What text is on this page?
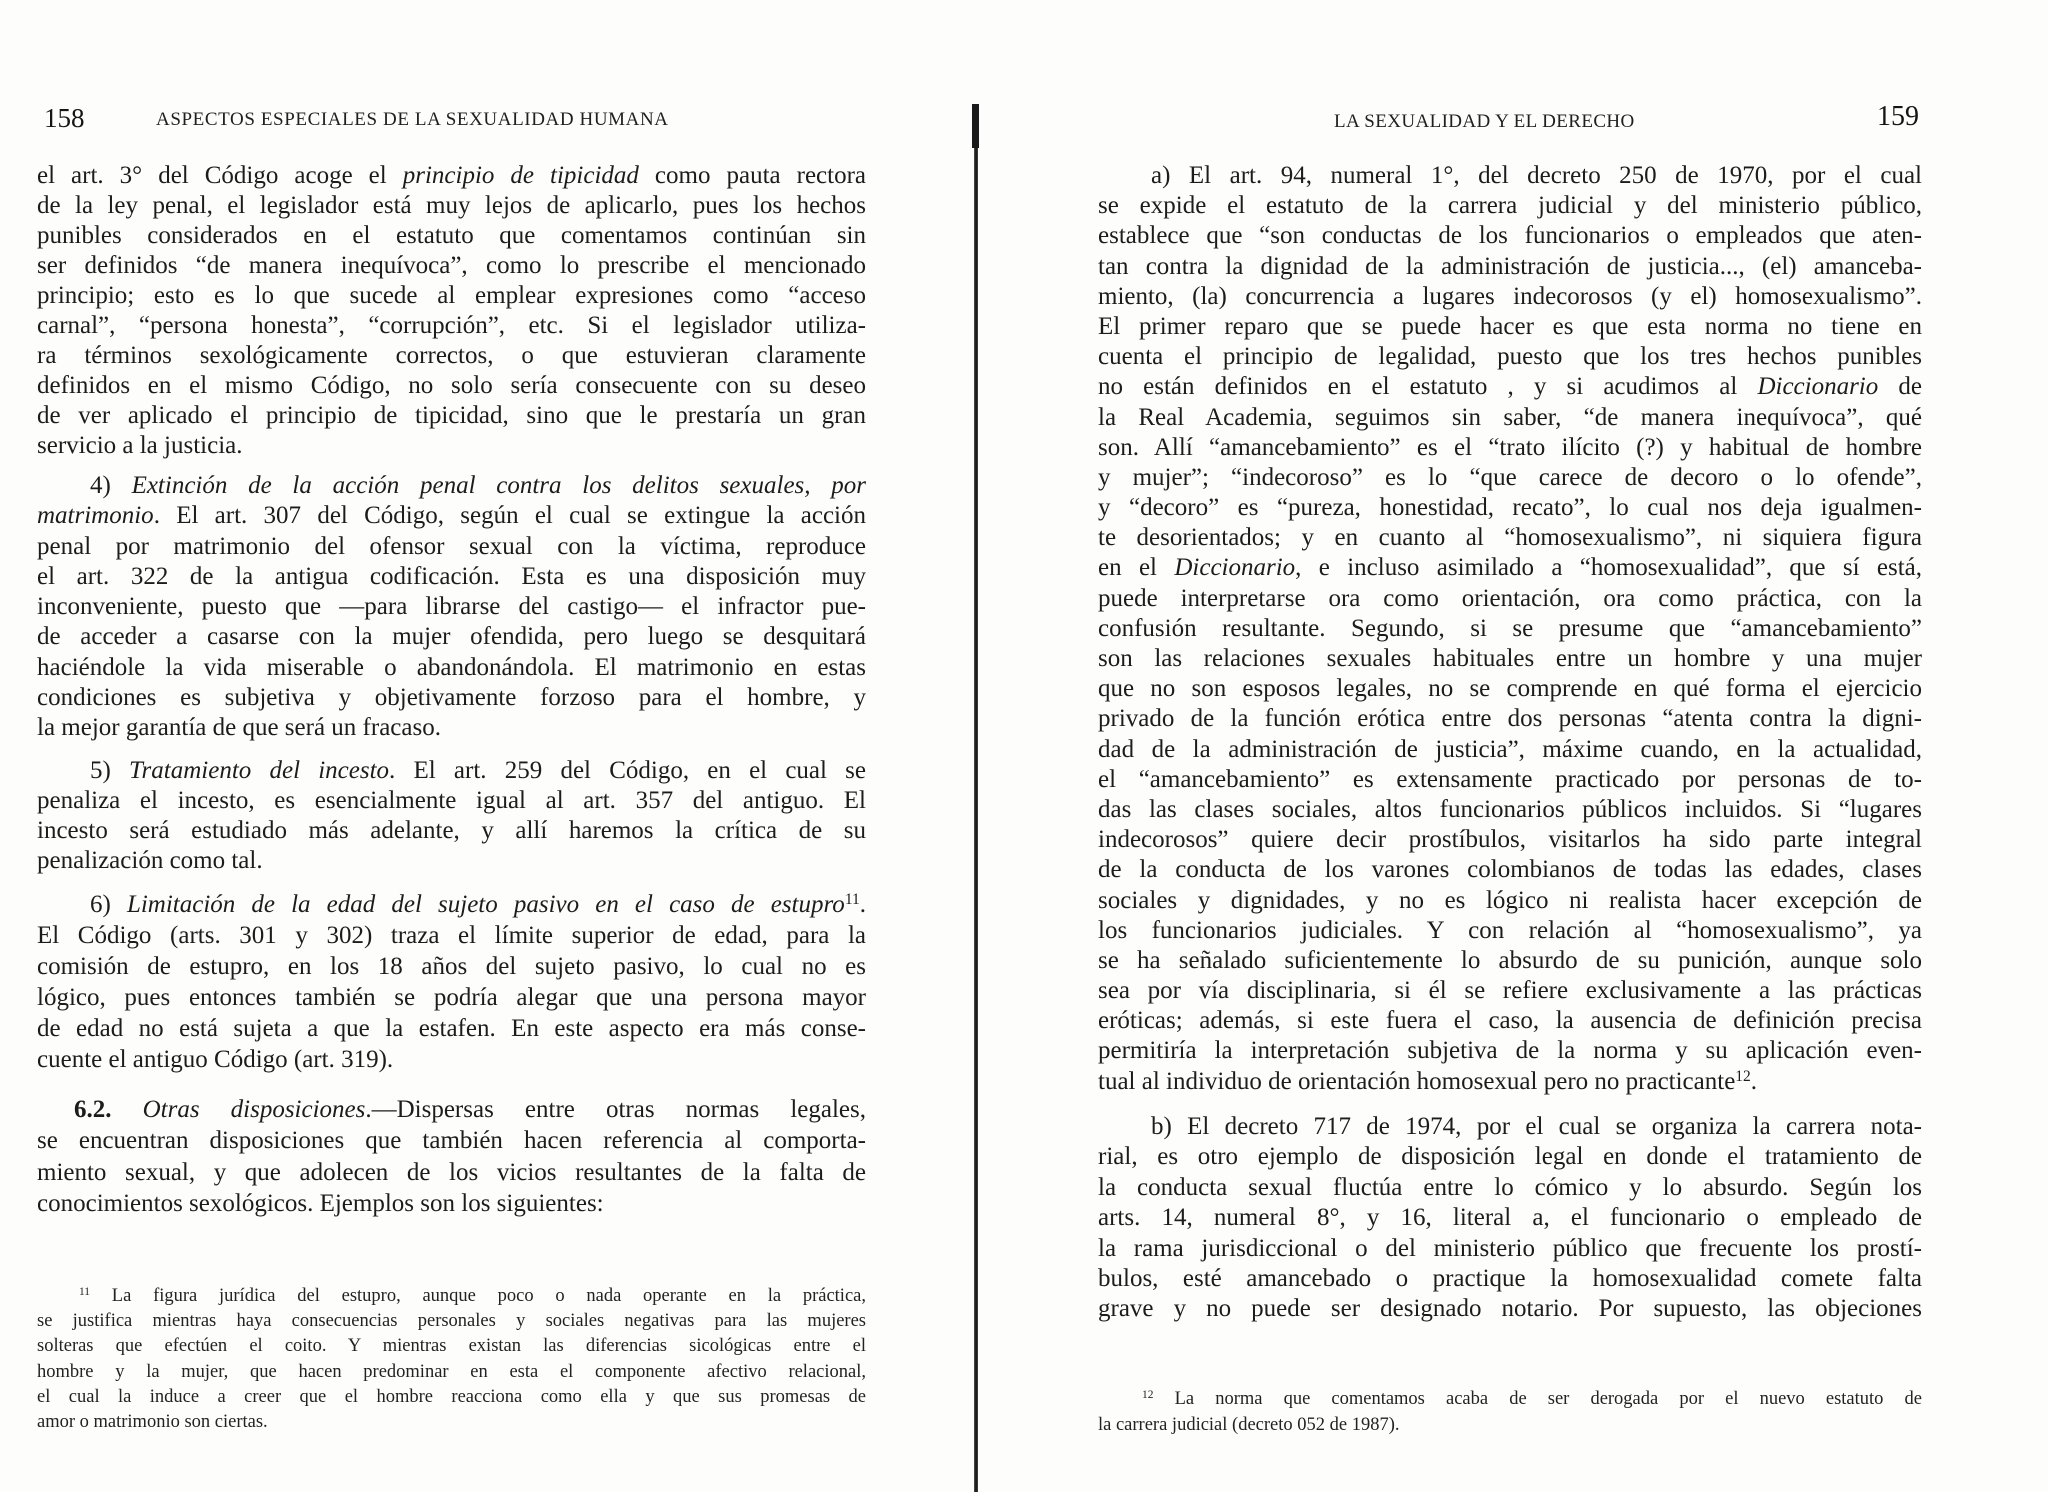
158	ASPECTOS ESPECIALES DE LA SEXUALIDAD HUMANA
el art. 3° del Código acoge el principio de tipicidad como pauta rectora
de la ley penal, el legislador está muy lejos de aplicarlo, pues los hechos
punibles considerados en el estatuto que comentamos continúan sin
ser definidos “de manera inequívoca”, como lo prescribe el mencionado
principio; esto es lo que sucede al emplear expresiones como “acceso
carnal”, “persona honesta”, “corrupción”, etc. Si el legislador utiliza-
ra términos sexológicamente correctos, o que estuvieran claramente
definidos en el mismo Código, no solo sería consecuente con su deseo
de ver aplicado el principio de tipicidad, sino que le prestaría un gran
servicio a la justicia.
4) Extinción de la acción penal contra los delitos sexuales, por
matrimonio. El art. 307 del Código, según el cual se extingue la acción
penal por matrimonio del ofensor sexual con la víctima, reproduce
el art. 322 de la antigua codificación. Esta es una disposición muy
inconveniente, puesto que —para librarse del castigo— el infractor pue-
de acceder a casarse con la mujer ofendida, pero luego se desquitará
haciéndole la vida miserable o abandonándola. El matrimonio en estas
condiciones es subjetiva y objetivamente forzoso para el hombre, y
la mejor garantía de que será un fracaso.
5) Tratamiento del incesto. El art. 259 del Código, en el cual se
penaliza el incesto, es esencialmente igual al art. 357 del antiguo. El
incesto será estudiado más adelante, y allí haremos la crítica de su
penalización como tal.
6) Limitación de la edad del sujeto pasivo en el caso de estupro$^{11}$.
El Código (arts. 301 y 302) traza el límite superior de edad, para la
comisión de estupro, en los 18 años del sujeto pasivo, lo cual no es
lógico, pues entonces también se podría alegar que una persona mayor
de edad no está sujeta a que la estafen. En este aspecto era más conse-
cuente el antiguo Código (art. 319).
6.2. Otras disposiciones.—Dispersas entre otras normas legales,
se encuentran disposiciones que también hacen referencia al comporta-
miento sexual, y que adolecen de los vicios resultantes de la falta de
conocimientos sexológicos. Ejemplos son los siguientes:
$^{11}$ La figura jurídica del estupro, aunque poco o nada operante en la práctica,
se justifica mientras haya consecuencias personales y sociales negativas para las mujeres
solteras que efectúen el coito. Y mientras existan las diferencias sicológicas entre el
hombre y la mujer, que hacen predominar en esta el componente afectivo relacional,
el cual la induce a creer que el hombre reacciona como ella y que sus promesas de
amor o matrimonio son ciertas.
LA SEXUALIDAD Y EL DERECHO	159
a) El art. 94, numeral 1°, del decreto 250 de 1970, por el cual
se expide el estatuto de la carrera judicial y del ministerio público,
establece que “son conductas de los funcionarios o empleados que aten-
tan contra la dignidad de la administración de justicia..., (el) amanceba-
miento, (la) concurrencia a lugares indecorosos (y el) homosexualismo”.
El primer reparo que se puede hacer es que esta norma no tiene en
cuenta el principio de legalidad, puesto que los tres hechos punibles
no están definidos en el estatuto , y si acudimos al Diccionario de
la Real Academia, seguimos sin saber, “de manera inequívoca”, qué
son. Allí “amancebamiento” es el “trato ilícito (?) y habitual de hombre
y mujer”; “indecoroso” es lo “que carece de decoro o lo ofende”,
y “decoro” es “pureza, honestidad, recato”, lo cual nos deja igualmen-
te desorientados; y en cuanto al “homosexualismo”, ni siquiera figura
en el Diccionario, e incluso asimilado a “homosexualidad”, que sí está,
puede interpretarse ora como orientación, ora como práctica, con la
confusión resultante. Segundo, si se presume que “amancebamiento”
son las relaciones sexuales habituales entre un hombre y una mujer
que no son esposos legales, no se comprende en qué forma el ejercicio
privado de la función erótica entre dos personas “atenta contra la digni-
dad de la administración de justicia”, máxime cuando, en la actualidad,
el “amancebamiento” es extensamente practicado por personas de to-
das las clases sociales, altos funcionarios públicos incluidos. Si “lugares
indecorosos” quiere decir prostíbulos, visitarlos ha sido parte integral
de la conducta de los varones colombianos de todas las edades, clases
sociales y dignidades, y no es lógico ni realista hacer excepción de
los funcionarios judiciales. Y con relación al “homosexualismo”, ya
se ha señalado suficientemente lo absurdo de su punición, aunque solo
sea por vía disciplinaria, si él se refiere exclusivamente a las prácticas
eróticas; además, si este fuera el caso, la ausencia de definición precisa
permitiría la interpretación subjetiva de la norma y su aplicación even-
tual al individuo de orientación homosexual pero no practicante$^{12}$.
b) El decreto 717 de 1974, por el cual se organiza la carrera nota-
rial, es otro ejemplo de disposición legal en donde el tratamiento de
la conducta sexual fluctúa entre lo cómico y lo absurdo. Según los
arts. 14, numeral 8°, y 16, literal a, el funcionario o empleado de
la rama jurisdiccional o del ministerio público que frecuente los prostí-
bulos, esté amancebado o practique la homosexualidad comete falta
grave y no puede ser designado notario. Por supuesto, las objeciones
$^{12}$ La norma que comentamos acaba de ser derogada por el nuevo estatuto de
la carrera judicial (decreto 052 de 1987).
